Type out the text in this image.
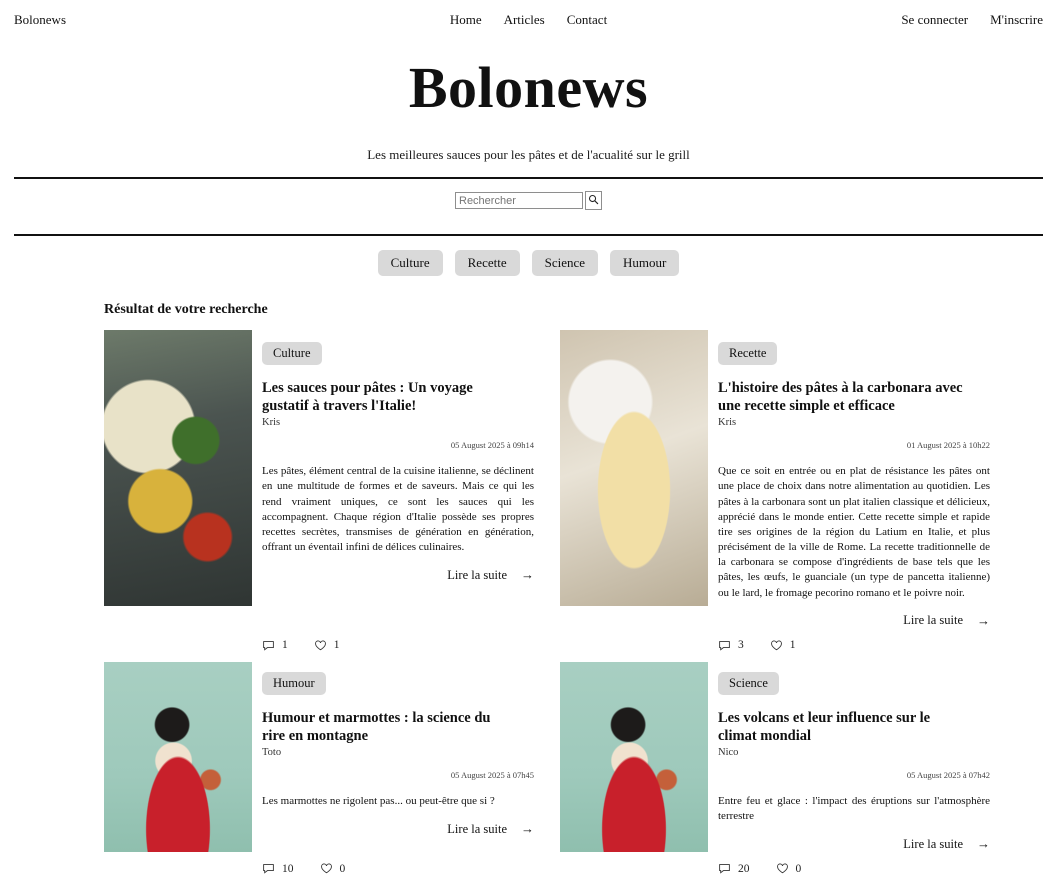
Bolonews	Home Articles Contact	Se connecter M'inscrire
Bolonews
Les meilleures sauces pour les pâtes et de l'acualité sur le grill
Rechercher
Culture	Recette	Science	Humour
Résultat de votre recherche
Culture
Les sauces pour pâtes : Un voyage gustatif à travers l'Italie!
Kris
05 August 2025 à 09h14
Les pâtes, élément central de la cuisine italienne, se déclinent en une multitude de formes et de saveurs. Mais ce qui les rend vraiment uniques, ce sont les sauces qui les accompagnent. Chaque région d'Italie possède ses propres recettes secrètes, transmises de génération en génération, offrant un éventail infini de délices culinaires.
Lire la suite →
1	1
Recette
L'histoire des pâtes à la carbonara avec une recette simple et efficace
Kris
01 August 2025 à 10h22
Que ce soit en entrée ou en plat de résistance les pâtes ont une place de choix dans notre alimentation au quotidien. Les pâtes à la carbonara sont un plat italien classique et délicieux, apprécié dans le monde entier. Cette recette simple et rapide tire ses origines de la région du Latium en Italie, et plus précisément de la ville de Rome. La recette traditionnelle de la carbonara se compose d'ingrédients de base tels que les pâtes, les œufs, le guanciale (un type de pancetta italienne) ou le lard, le fromage pecorino romano et le poivre noir.
Lire la suite →
3	1
Humour
Humour et marmottes : la science du rire en montagne
Toto
05 August 2025 à 07h45
Les marmottes ne rigolent pas... ou peut-être que si ?
Lire la suite →
10	0
Science
Les volcans et leur influence sur le climat mondial
Nico
05 August 2025 à 07h42
Entre feu et glace : l'impact des éruptions sur l'atmosphère terrestre
Lire la suite →
20	0
